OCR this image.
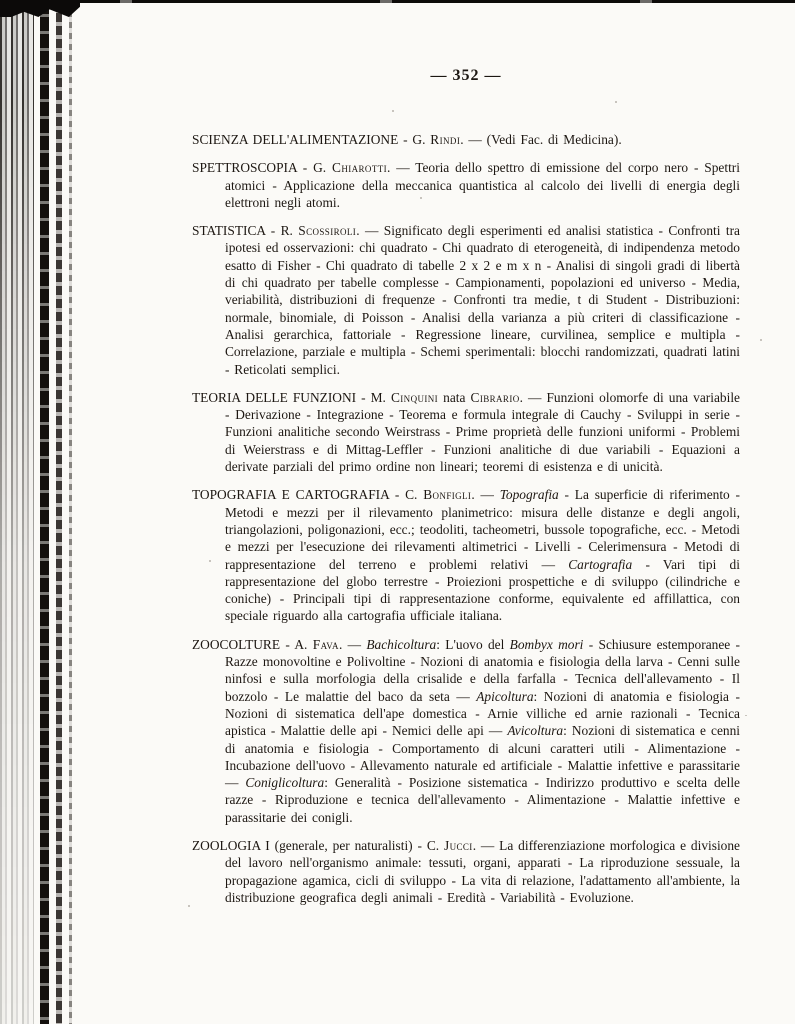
— 352 —

SCIENZA DELL'ALIMENTAZIONE - G. Rindi. — (Vedi Fac. di Medicina).

SPETTROSCOPIA - G. Chiarotti. — Teoria dello spettro di emissione del corpo nero - Spettri atomici - Applicazione della meccanica quantistica al calcolo dei livelli di energia degli elettroni negli atomi.

STATISTICA - R. Scossiroli. — Significato degli esperimenti ed analisi statistica - Confronti tra ipotesi ed osservazioni: chi quadrato - Chi quadrato di eterogeneità, di indipendenza metodo esatto di Fisher - Chi quadrato di tabelle 2 x 2 e m x n - Analisi di singoli gradi di libertà di chi quadrato per tabelle complesse - Campionamenti, popolazioni ed universo - Media, veriabilità, distribuzioni di frequenze - Confronti tra medie, t di Student - Distribuzioni: normale, binomiale, di Poisson - Analisi della varianza a più criteri di classificazione - Analisi gerarchica, fattoriale - Regressione lineare, curvilinea, semplice e multipla - Correlazione, parziale e multipla - Schemi sperimentali: blocchi randomizzati, quadrati latini - Reticolati semplici.

TEORIA DELLE FUNZIONI - M. Cinquini nata Cibrario. — Funzioni olomorfe di una variabile - Derivazione - Integrazione - Teorema e formula integrale di Cauchy - Sviluppi in serie - Funzioni analitiche secondo Weirstrass - Prime proprietà delle funzioni uniformi - Problemi di Weierstrass e di Mittag-Leffler - Funzioni analitiche di due variabili - Equazioni a derivate parziali del primo ordine non lineari; teoremi di esistenza e di unicità.

TOPOGRAFIA E CARTOGRAFIA - C. Bonfigli. — Topografia - La superficie di riferimento - Metodi e mezzi per il rilevamento planimetrico: misura delle distanze e degli angoli, triangolazioni, poligonazioni, ecc.; teodoliti, tacheometri, bussole topografiche, ecc. - Metodi e mezzi per l'esecuzione dei rilevamenti altimetrici - Livelli - Celerimensura - Metodi di rappresentazione del terreno e problemi relativi — Cartografia - Vari tipi di rappresentazione del globo terrestre - Proiezioni prospettiche e di sviluppo (cilindriche e coniche) - Principali tipi di rappresentazione conforme, equivalente ed affillattica, con speciale riguardo alla cartografia ufficiale italiana.

ZOOCOLTURE - A. Fava. — Bachicoltura: L'uovo del Bombyx mori - Schiusure estemporanee - Razze monovoltine e Polivoltine - Nozioni di anatomia e fisiologia della larva - Cenni sulle ninfosi e sulla morfologia della crisalide e della farfalla - Tecnica dell'allevamento - Il bozzolo - Le malattie del baco da seta — Apicoltura: Nozioni di anatomia e fisiologia - Nozioni di sistematica dell'ape domestica - Arnie villiche ed arnie razionali - Tecnica apistica - Malattie delle api - Nemici delle api — Avicoltura: Nozioni di sistematica e cenni di anatomia e fisiologia - Comportamento di alcuni caratteri utili - Alimentazione - Incubazione dell'uovo - Allevamento naturale ed artificiale - Malattie infettive e parassitarie — Coniglicoltura: Generalità - Posizione sistematica - Indirizzo produttivo e scelta delle razze - Riproduzione e tecnica dell'allevamento - Alimentazione - Malattie infettive e parassitarie dei conigli.

ZOOLOGIA I (generale, per naturalisti) - C. Jucci. — La differenziazione morfologica e divisione del lavoro nell'organismo animale: tessuti, organi, apparati - La riproduzione sessuale, la propagazione agamica, cicli di sviluppo - La vita di relazione, l'adattamento all'ambiente, la distribuzione geografica degli animali - Eredità - Variabilità - Evoluzione.
